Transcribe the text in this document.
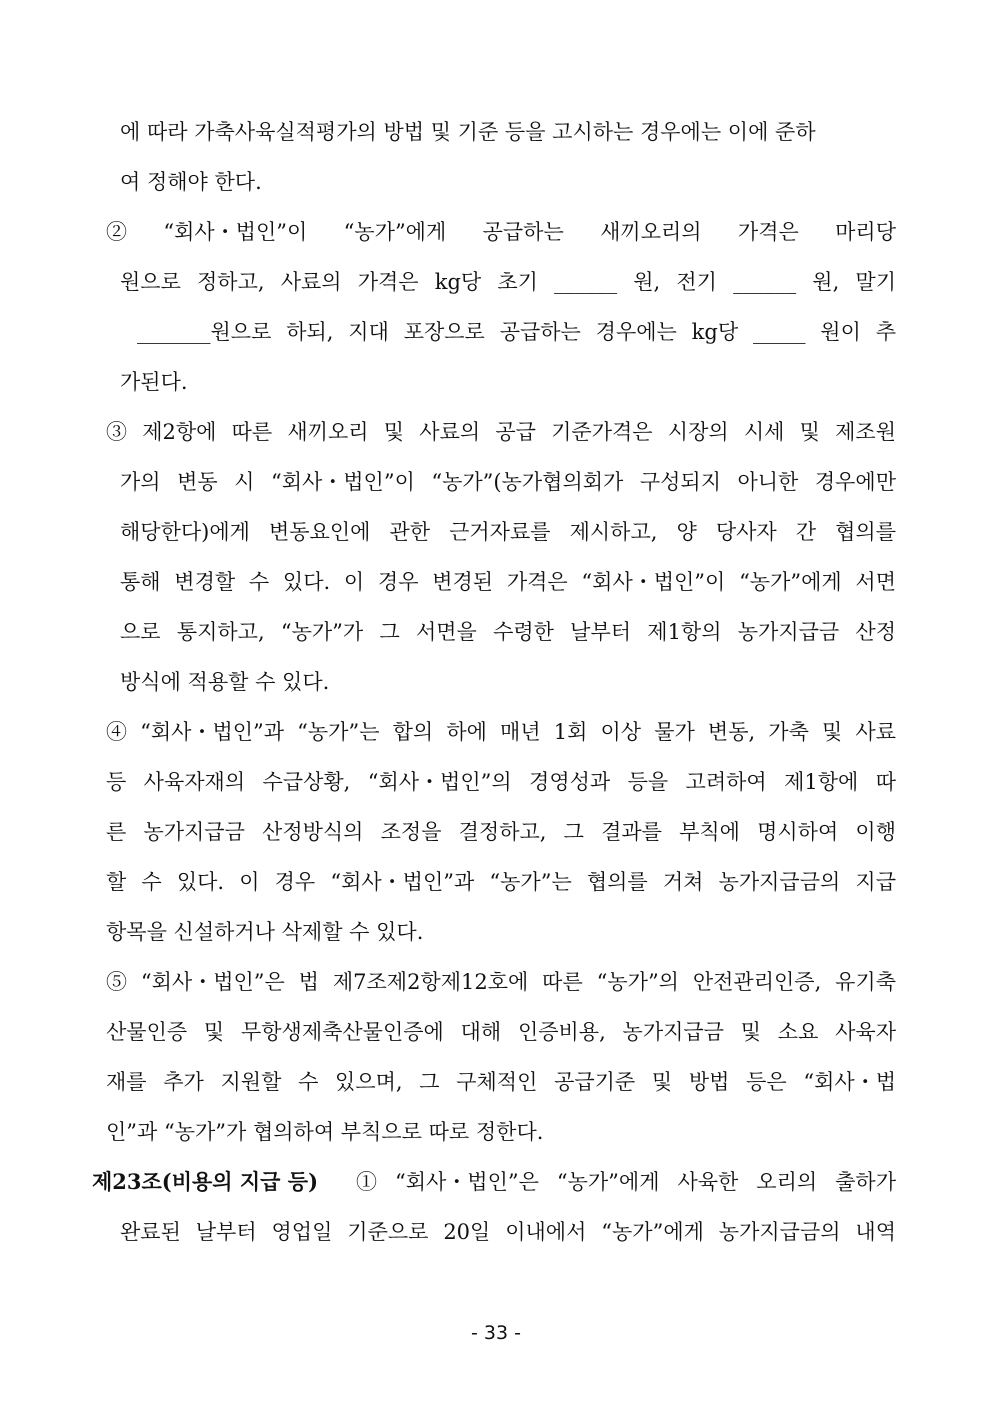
에 따라 가축사육실적평가의 방법 및 기준 등을 고시하는 경우에는 이에 준하
여 정해야 한다.
② “회사・법인”이 “농가”에게 공급하는 새끼오리의 가격은 마리당
원으로 정하고, 사료의 가격은 kg당 초기 ______ 원, 전기 ______ 원, 말기
_______원으로 하되, 지대 포장으로 공급하는 경우에는 kg당 _____ 원이 추
가된다.
③ 제2항에 따른 새끼오리 및 사료의 공급 기준가격은 시장의 시세 및 제조원
가의 변동 시 “회사・법인”이 “농가”(농가협의회가 구성되지 아니한 경우에만
해당한다)에게 변동요인에 관한 근거자료를 제시하고, 양 당사자 간 협의를
통해 변경할 수 있다. 이 경우 변경된 가격은 “회사・법인”이 “농가”에게 서면
으로 통지하고, “농가”가 그 서면을 수령한 날부터 제1항의 농가지급금 산정
방식에 적용할 수 있다.
④ “회사・법인”과 “농가”는 합의 하에 매년 1회 이상 물가 변동, 가축 및 사료
등 사육자재의 수급상황, “회사・법인”의 경영성과 등을 고려하여 제1항에 따
른 농가지급금 산정방식의 조정을 결정하고, 그 결과를 부칙에 명시하여 이행
할 수 있다. 이 경우 “회사・법인”과 “농가”는 협의를 거쳐 농가지급금의 지급
항목을 신설하거나 삭제할 수 있다.
⑤ “회사・법인”은 법 제7조제2항제12호에 따른 “농가”의 안전관리인증, 유기축
산물인증 및 무항생제축산물인증에 대해 인증비용, 농가지급금 및 소요 사육자
재를 추가 지원할 수 있으며, 그 구체적인 공급기준 및 방법 등은 “회사・법
인”과 “농가”가 협의하여 부칙으로 따로 정한다.
제23조(비용의 지급 등)	① “회사・법인”은 “농가”에게 사육한 오리의 출하가
완료된 날부터 영업일 기준으로 20일 이내에서 “농가”에게 농가지급금의 내역
- 33 -
